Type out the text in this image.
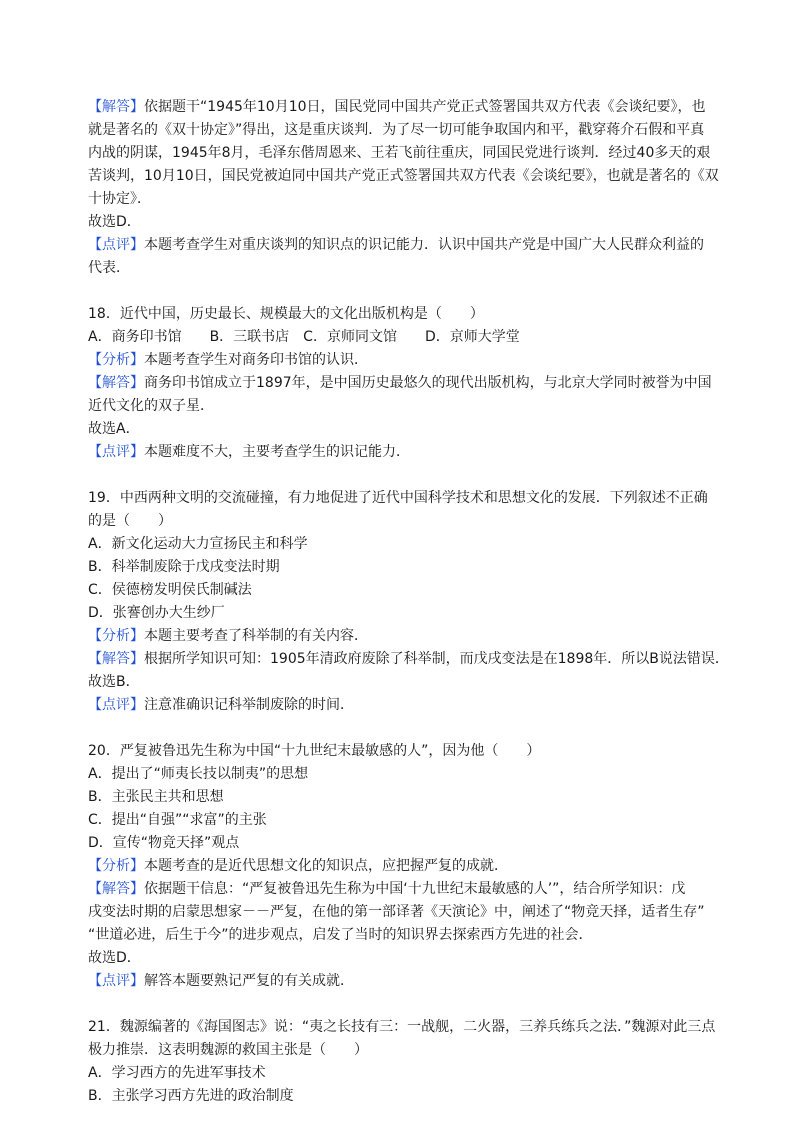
【解答】依据题干“1945年10月10日，国民党同中国共产党正式签署国共双方代表《会谈纪要》，也

就是著名的《双十协定》”得出，这是重庆谈判．为了尽一切可能争取国内和平，戳穿蒋介石假和平真

内战的阴谋，1945年8月，毛泽东偕周恩来、王若飞前往重庆，同国民党进行谈判．经过40多天的艰

苦谈判，10月10日，国民党被迫同中国共产党正式签署国共双方代表《会谈纪要》，也就是著名的《双

十协定》．

故选D．

【点评】本题考查学生对重庆谈判的知识点的识记能力．认识中国共产党是中国广大人民群众利益的

代表．

18．近代中国，历史最长、规模最大的文化出版机构是（　　）

A．商务印书馆　　B．三联书店　C．京师同文馆　　D．京师大学堂

【分析】本题考查学生对商务印书馆的认识．

【解答】商务印书馆成立于1897年，是中国历史最悠久的现代出版机构，与北京大学同时被誉为中国

近代文化的双子星．

故选A．

【点评】本题难度不大，主要考查学生的识记能力．

19．中西两种文明的交流碰撞，有力地促进了近代中国科学技术和思想文化的发展．下列叙述不正确

的是（　　）

A．新文化运动大力宣扬民主和科学

B．科举制废除于戊戌变法时期

C．侯德榜发明侯氏制碱法

D．张謇创办大生纱厂

【分析】本题主要考查了科举制的有关内容．

【解答】根据所学知识可知：1905年清政府废除了科举制，而戊戌变法是在1898年．所以B说法错误．

故选B．

【点评】注意准确识记科举制废除的时间．

20．严复被鲁迅先生称为中国“十九世纪末最敏感的人”，因为他（　　）

A．提出了“师夷长技以制夷”的思想

B．主张民主共和思想

C．提出“自强”“求富”的主张

D．宣传“物竞天择”观点

【分析】本题考查的是近代思想文化的知识点，应把握严复的成就．

【解答】依据题干信息：“严复被鲁迅先生称为中国‘十九世纪末最敏感的人’”，结合所学知识：戊

戌变法时期的启蒙思想家－－严复，在他的第一部译著《天演论》中，阐述了“物竞天择，适者生存”

“世道必进，后生于今”的进步观点，启发了当时的知识界去探索西方先进的社会．

故选D．

【点评】解答本题要熟记严复的有关成就．

21．魏源编著的《海国图志》说：“夷之长技有三：一战舰，二火器，三养兵练兵之法．”魏源对此三点

极力推崇．这表明魏源的救国主张是（　　）

A．学习西方的先进军事技术

B．主张学习西方先进的政治制度
